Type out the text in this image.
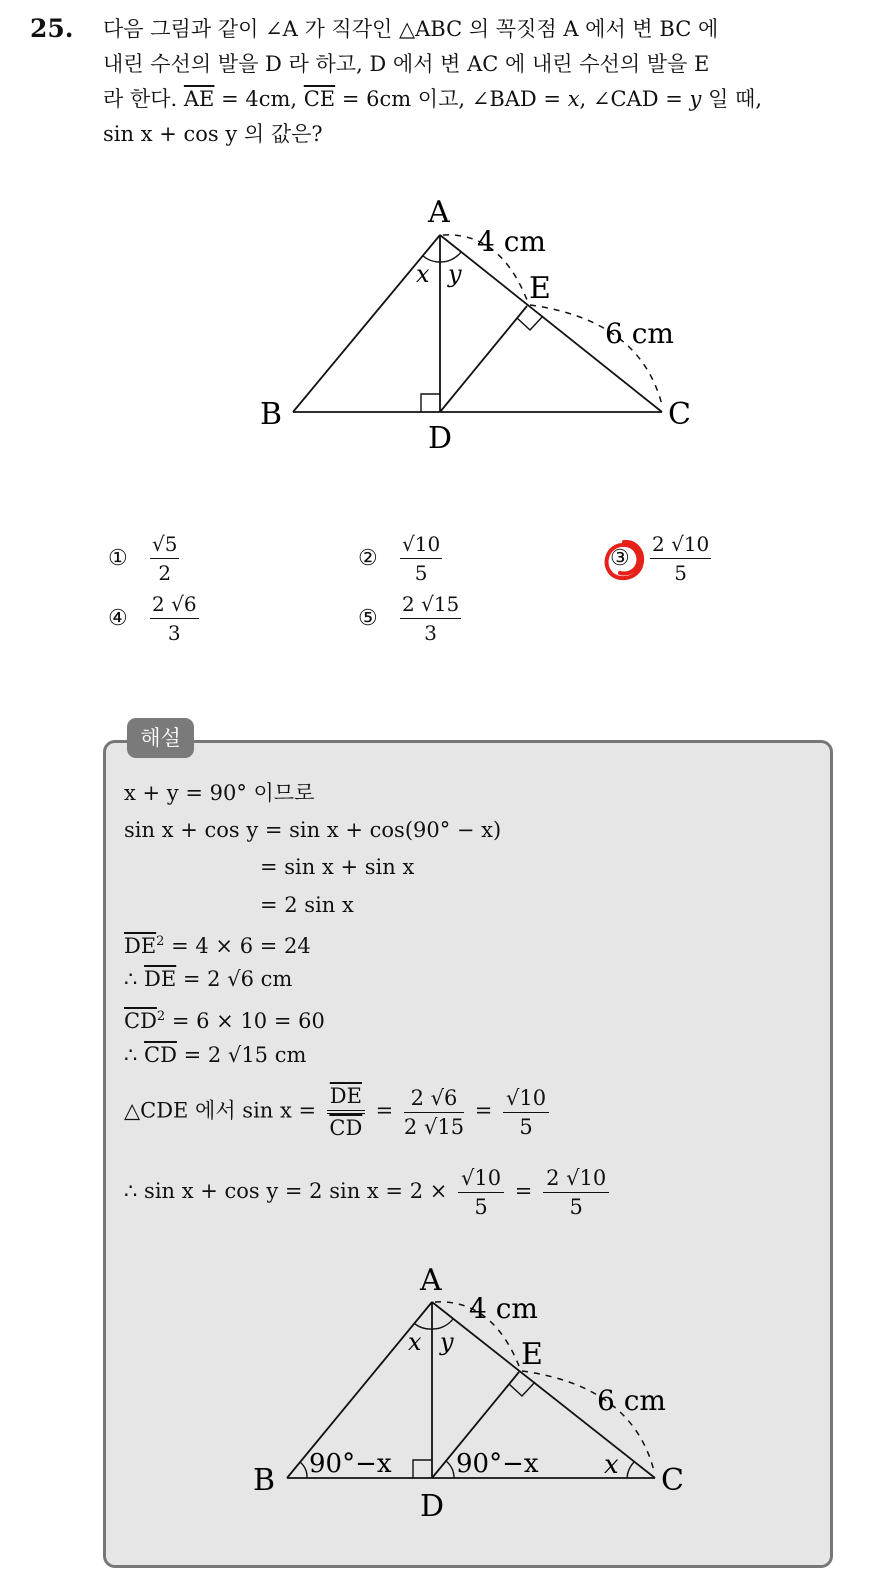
25. 다음 그림과 같이 ∠A 가 직각인 △ABC 의 꼭짓점 A 에서 변 BC 에

내린 수선의 발을 D 라 하고, D 에서 변 AC 에 내린 수선의 발을 E

라 한다. $\overline{AE} = 4cm$, $\overline{CE} = 6cm$ 이고, ∠BAD = x, ∠CAD = y 일 때,

sin x + cos y 의 값은?

A
B	C
D
E
x y
4 cm
6 cm
① $\frac{√5}{2}$	② $\frac{√10}{5}$	③ $\frac{2 √10}{5}$
④ $\frac{2 √6}{3}$	⑤ $\frac{2 √15}{3}$
해설
x + y = 90° 이므로
sin x + cos y = sin x + cos(90° − x)
= sin x + sin x
= 2 sin x
$\overline{DE}^2 = 4 \times 6 = 24$
∴ $\overline{DE} = 2$ √6 cm
$\overline{CD}^2 = 6 \times 10 = 60$
∴ $\overline{CD} = 2$ √15 cm
△CDE 에서 $\sin x = \frac{\overline{DE}}{CD} = \frac{2 √6}{2 √15} = \frac{√10}{5}$
∴ sin x + cos y = 2 $\sin x = 2 \times \frac{√10}{5} = \frac{2 √10}{5}$
A
B	C
D
E
x y
4 cm
6 cm
90°−x 90°−x	x
